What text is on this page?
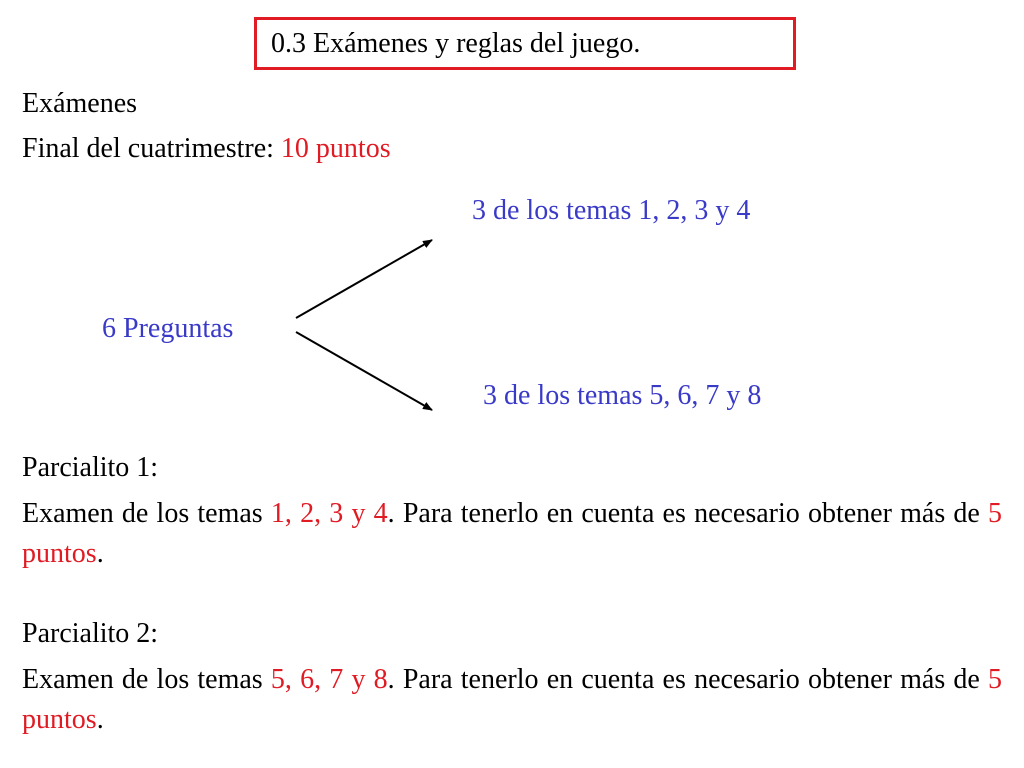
0.3 Exámenes y reglas del juego.
Exámenes
Final del cuatrimestre: 10 puntos
3 de los temas 1, 2, 3 y 4
6 Preguntas
3 de los temas 5, 6, 7 y 8
Parcialito 1:
Examen de los temas 1, 2, 3 y 4. Para tenerlo en cuenta es necesario obtener más de 5 puntos.
Parcialito 2:
Examen de los temas 5, 6, 7 y 8. Para tenerlo en cuenta es necesario obtener más de 5 puntos.
